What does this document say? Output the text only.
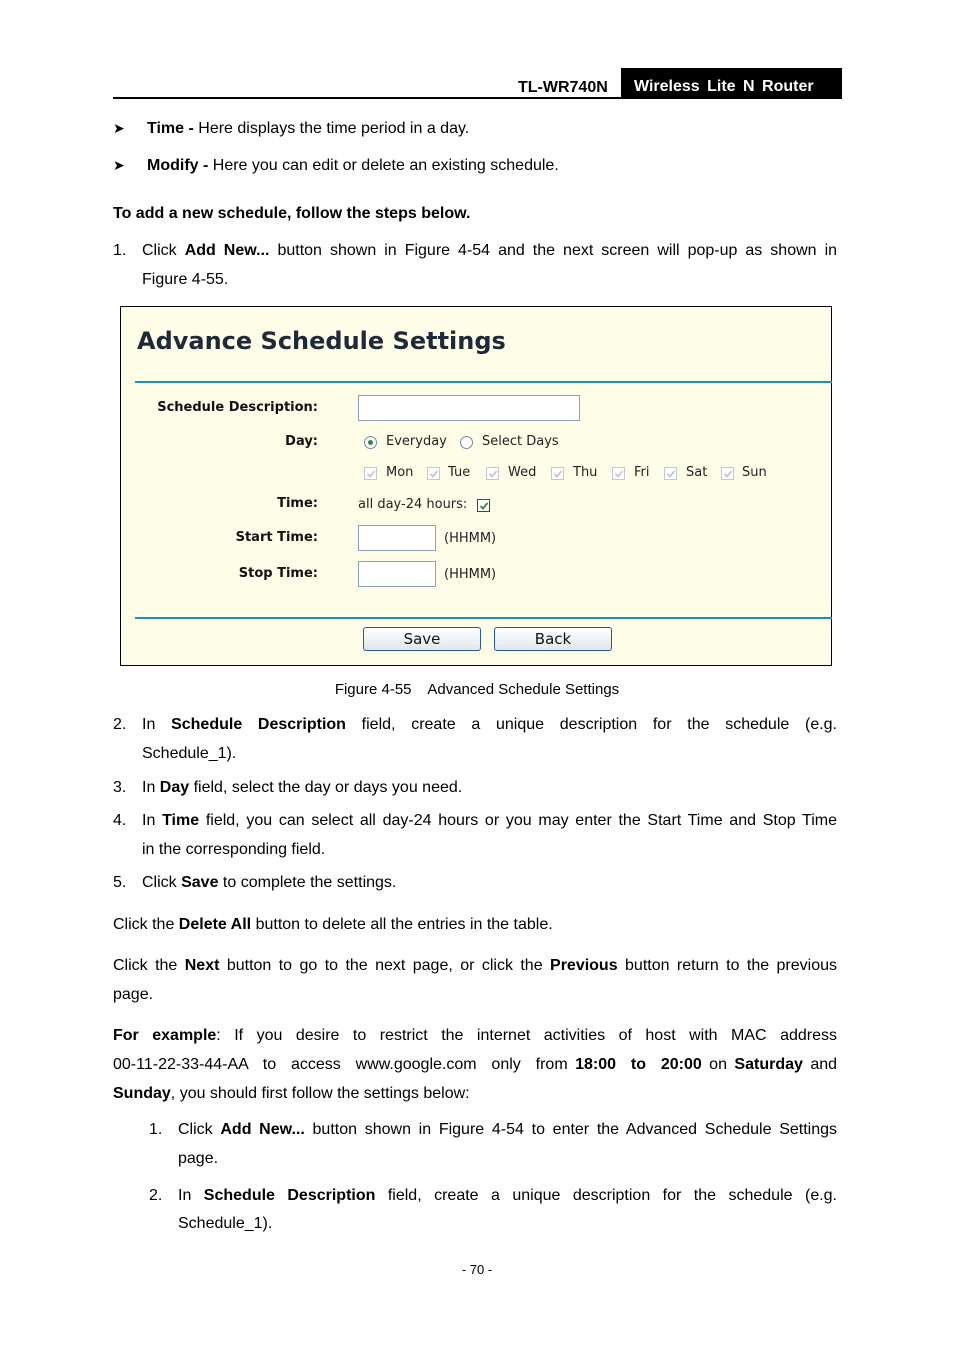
TL-WR740N	Wireless Lite N Router
➤ Time - Here displays the time period in a day.
➤ Modify - Here you can edit or delete an existing schedule.
To add a new schedule, follow the steps below.
1. Click Add New... button shown in Figure 4-54 and the next screen will pop-up as shown in
Figure 4-55.
Advance Schedule Settings
Schedule Description:
Day:	Everyday	Select Days
Mon	Tue	Wed	Thu	Fri	Sat	Sun
Time:	all day-24 hours:
Start Time:	(HHMM)
Stop Time:	(HHMM)
Save	Back
Figure 4-55    Advanced Schedule Settings
2. In Schedule Description field, create a unique description for the schedule (e.g.
Schedule_1).
3. In Day field, select the day or days you need.
4. In Time field, you can select all day-24 hours or you may enter the Start Time and Stop Time
in the corresponding field.
5. Click Save to complete the settings.
Click the Delete All button to delete all the entries in the table.
Click the Next button to go to the next page, or click the Previous button return to the previous
page.
For  example:  If  you  desire  to  restrict  the  internet  activities  of  host  with  MAC  address
00-11-22-33-44-AA  to  access  www.google.com  only  from 18:00  to  20:00 on Saturday and
Sunday, you should first follow the settings below:
1. Click Add New... button shown in Figure 4-54 to enter the Advanced Schedule Settings
page.
2. In Schedule Description field, create a unique description for the schedule (e.g.
Schedule_1).
- 70 -
